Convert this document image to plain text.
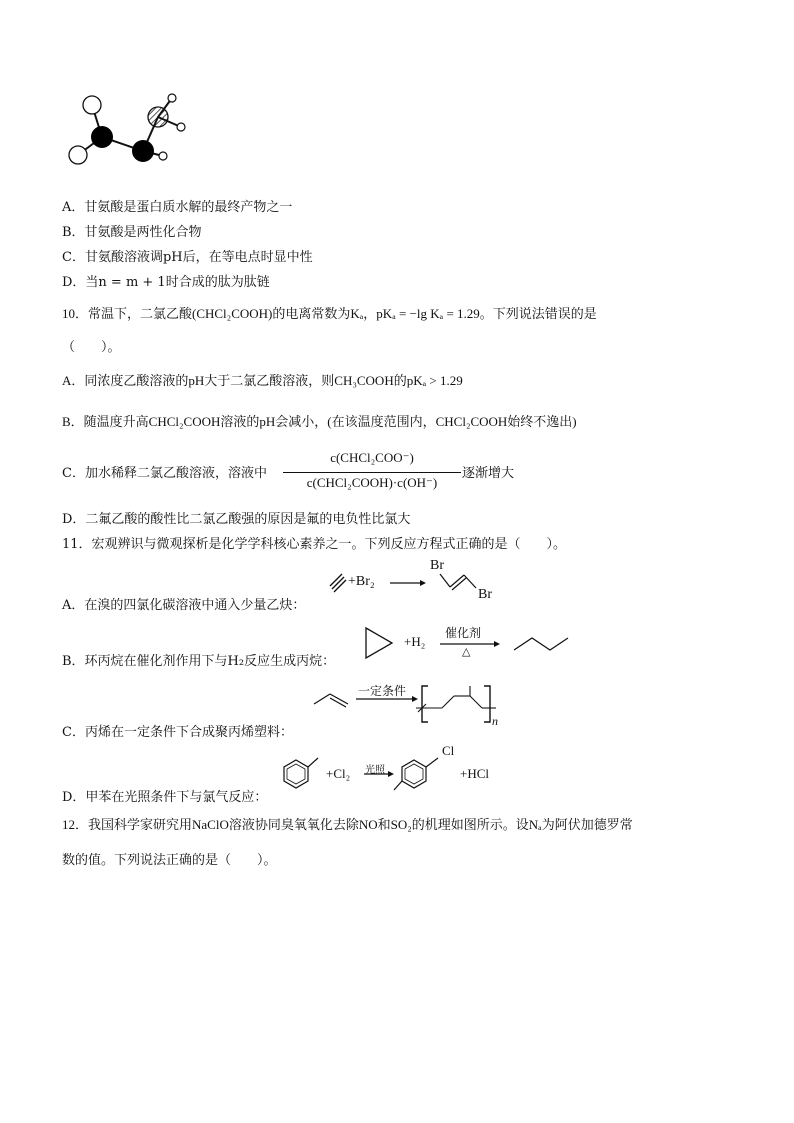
A．甘氨酸是蛋白质水解的最终产物之一
B．甘氨酸是两性化合物
C．甘氨酸溶液调pH后，在等电点时显中性
D．当n = m + 1时合成的肽为肽链
10．常温下，二氯乙酸(CHCl₂COOH)的电离常数为Kₐ，pKₐ = −lg Kₐ = 1.29。下列说法错误的是
（　　）。
A．同浓度乙酸溶液的pH大于二氯乙酸溶液，则CH₃COOH的pKₐ > 1.29
B．随温度升高CHCl₂COOH溶液的pH会减小，(在该温度范围内，CHCl₂COOH始终不逸出)
C．加水稀释二氯乙酸溶液，溶液中
c(CHCl₂COO⁻)
c(CHCl₂COOH)·c(OH⁻)
逐渐增大
D．二氟乙酸的酸性比二氯乙酸强的原因是氟的电负性比氯大
11．宏观辨识与微观探析是化学学科核心素养之一。下列反应方程式正确的是（　　）。
A．在溴的四氯化碳溶液中通入少量乙炔：
+Br₂
Br
Br
B．环丙烷在催化剂作用下与H₂反应生成丙烷：
+H₂
催化剂
△
C．丙烯在一定条件下合成聚丙烯塑料：
一定条件
n
D．甲苯在光照条件下与氯气反应：
+Cl₂ 光照
Cl
+HCl
12．我国科学家研究用NaClO溶液协同臭氧氧化去除NO和SO₂的机理如图所示。设Nₐ为阿伏加德罗常
数的值。下列说法正确的是（　　）。
